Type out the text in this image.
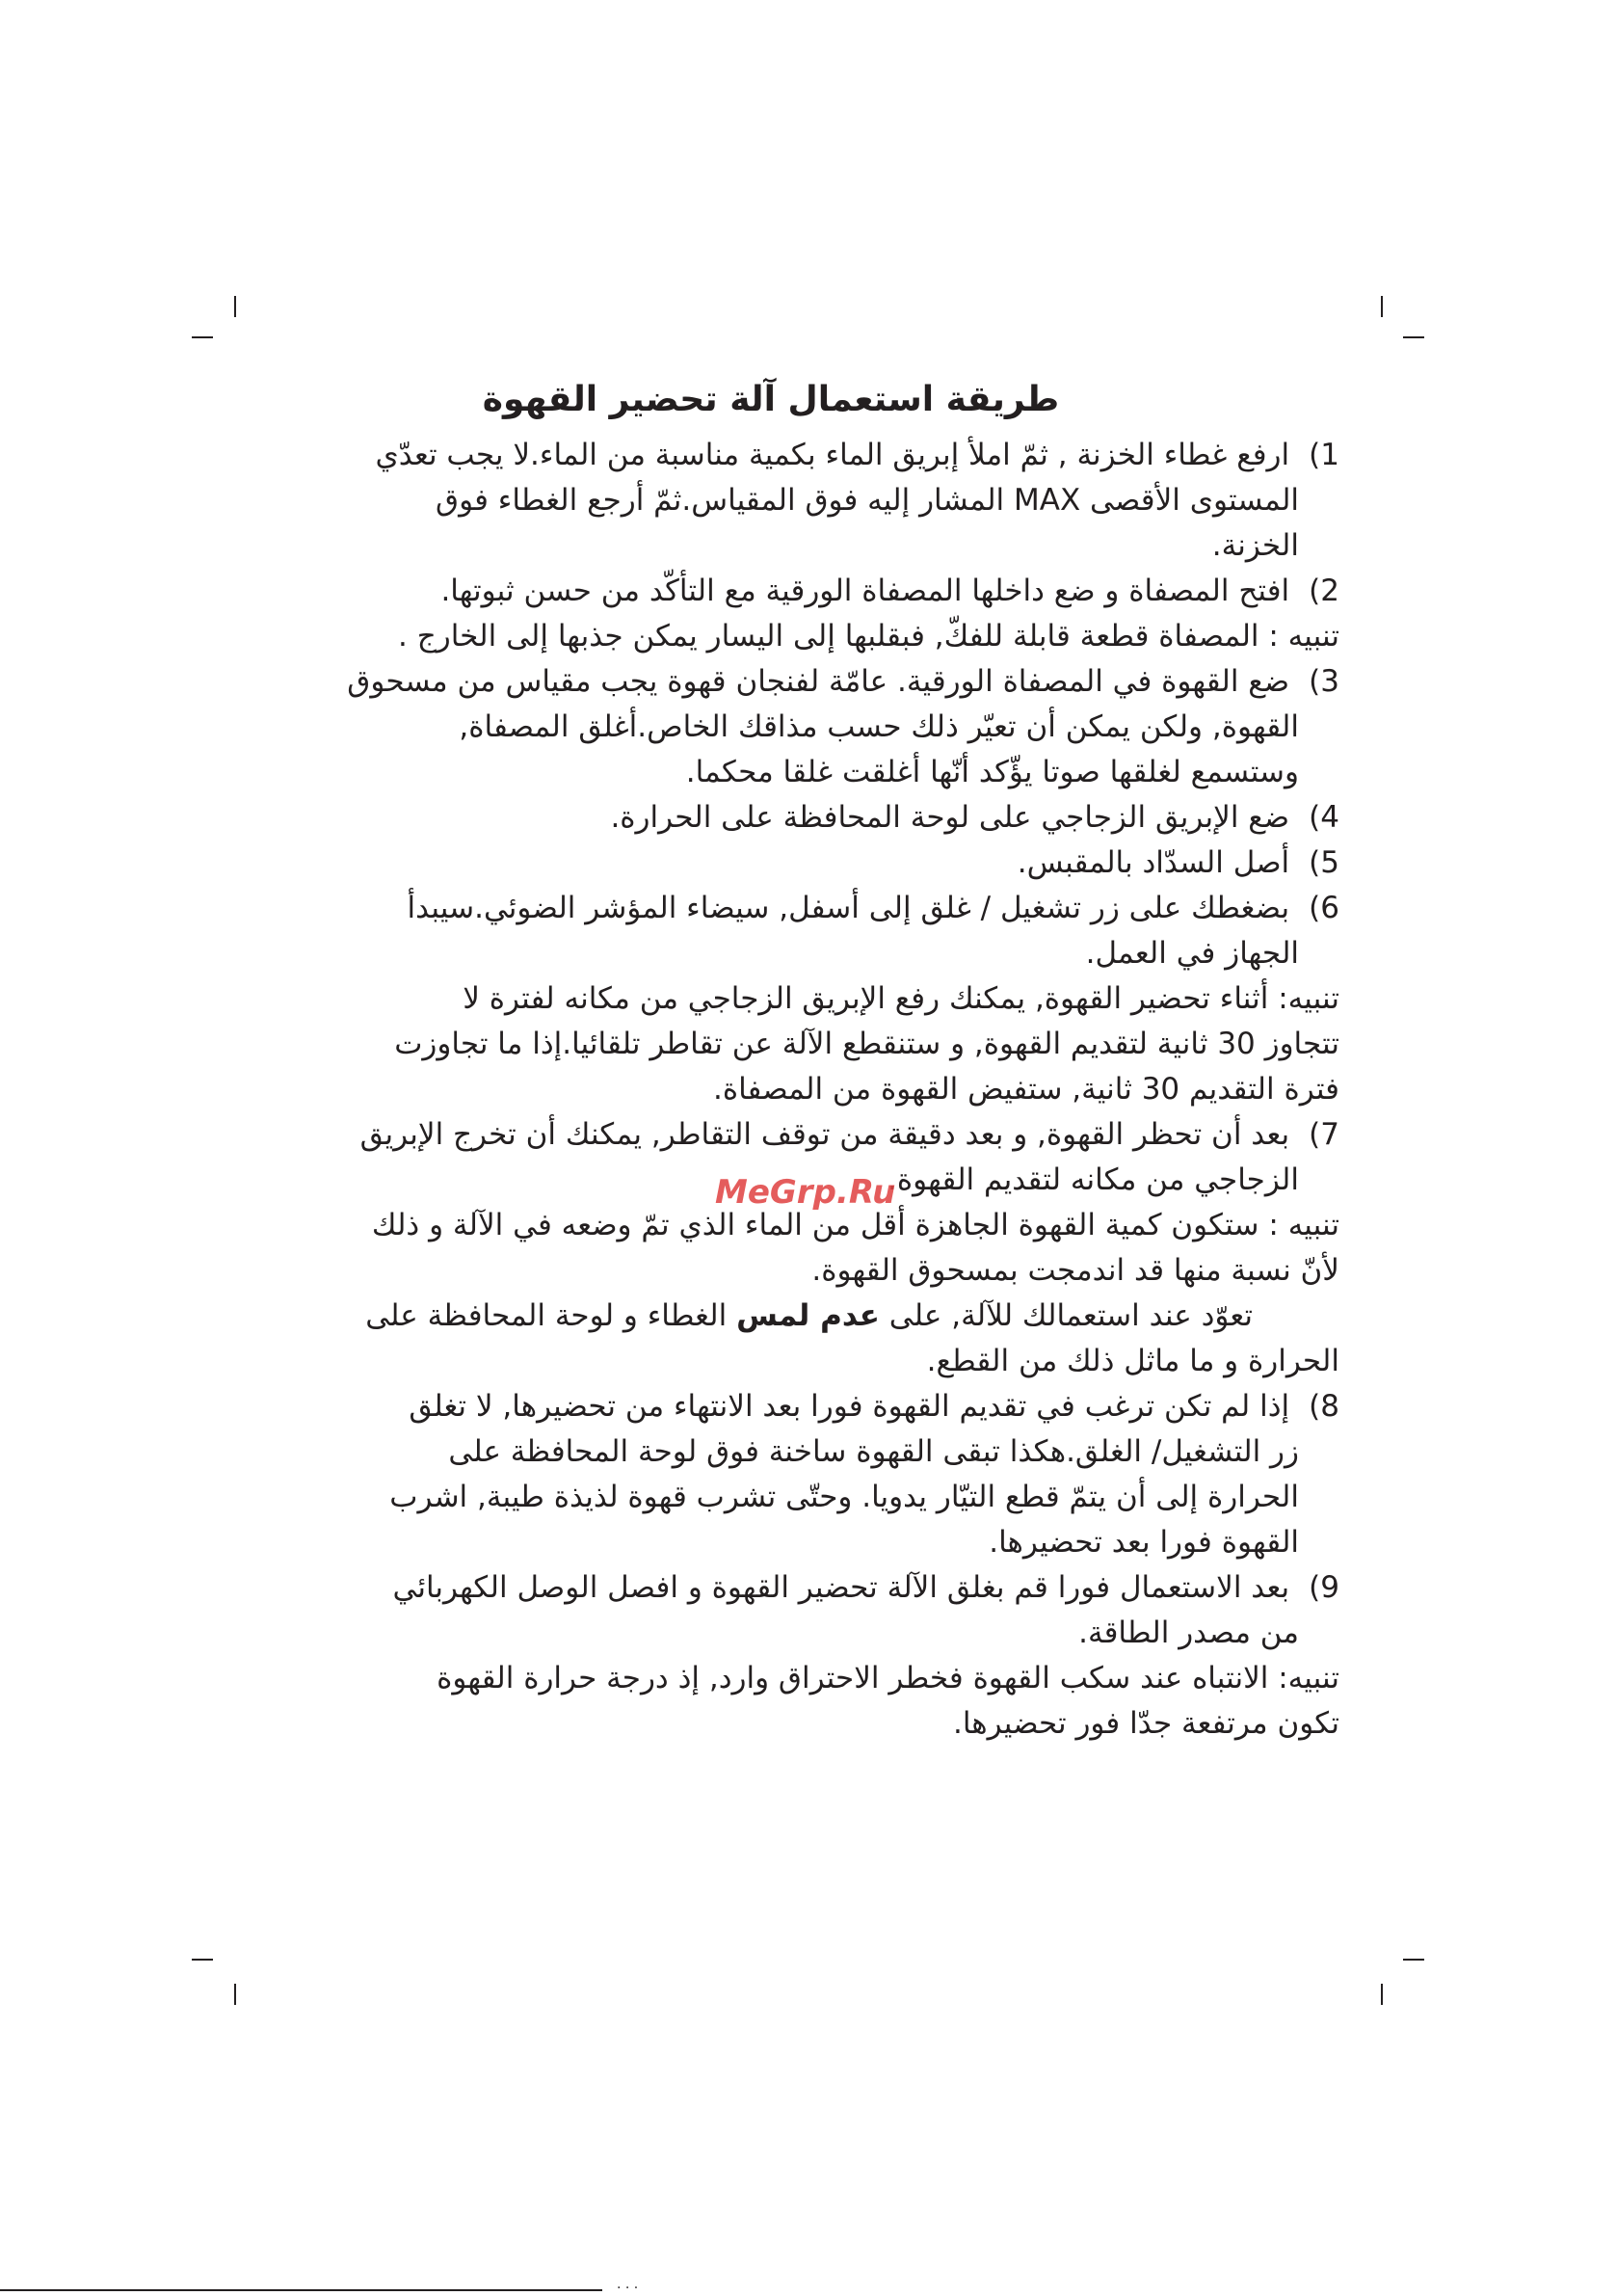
طريقة استعمال آلة تحضير القهوة
1) ارفع غطاء الخزنة , ثمّ املأ إبريق الماء بكمية مناسبة من الماء.لا يجب تعدّي
المستوى الأقصى MAX المشار إليه فوق المقياس.ثمّ أرجع الغطاء فوق
الخزنة.
2) افتح المصفاة و ضع داخلها المصفاة الورقية مع التأكّد من حسن ثبوتها.
تنبيه : المصفاة قطعة قابلة للفكّ, فبقلبها إلى اليسار يمكن جذبها إلى الخارج .
3) ضع القهوة في المصفاة الورقية. عامّة لفنجان قهوة يجب مقياس من مسحوق
القهوة, ولكن يمكن أن تعيّر ذلك حسب مذاقك الخاص.أغلق المصفاة,
وستسمع لغلقها صوتا يؤّكد أنّها أغلقت غلقا محكما.
4) ضع الإبريق الزجاجي على لوحة المحافظة على الحرارة.
5) أصل السدّاد بالمقبس.
6) بضغطك على زر تشغيل / غلق إلى أسفل, سيضاء المؤشر الضوئي.سيبدأ
الجهاز في العمل.
تنبيه: أثناء تحضير القهوة, يمكنك رفع الإبريق الزجاجي من مكانه لفترة لا
تتجاوز 30 ثانية لتقديم القهوة, و ستنقطع الآلة عن تقاطر تلقائيا.إذا ما تجاوزت
فترة التقديم 30 ثانية, ستفيض القهوة من المصفاة.
7) بعد أن تحظر القهوة, و بعد دقيقة من توقف التقاطر, يمكنك أن تخرج الإبريق
الزجاجي من مكانه لتقديم القهوة.
تنبيه : ستكون كمية القهوة الجاهزة أقل من الماء الذي تمّ وضعه في الآلة و ذلك
لأنّ نسبة منها قد اندمجت بمسحوق القهوة.
تعوّد عند استعمالك للآلة, على عدم لمس الغطاء و لوحة المحافظة على
الحرارة و ما ماثل ذلك من القطع.
8) إذا لم تكن ترغب في تقديم القهوة فورا بعد الانتهاء من تحضيرها, لا تغلق
زر التشغيل/ الغلق.هكذا تبقى القهوة ساخنة فوق لوحة المحافظة على
الحرارة إلى أن يتمّ قطع التيّار يدويا. وحتّى تشرب قهوة لذيذة طيبة, اشرب
القهوة فورا بعد تحضيرها.
9) بعد الاستعمال فورا قم بغلق الآلة تحضير القهوة و افصل الوصل الكهربائي
من مصدر الطاقة.
تنبيه: الانتباه عند سكب القهوة فخطر الاحتراق وارد, إذ درجة حرارة القهوة
تكون مرتفعة جدّا فور تحضيرها.
MeGrp.Ru
· · ·
